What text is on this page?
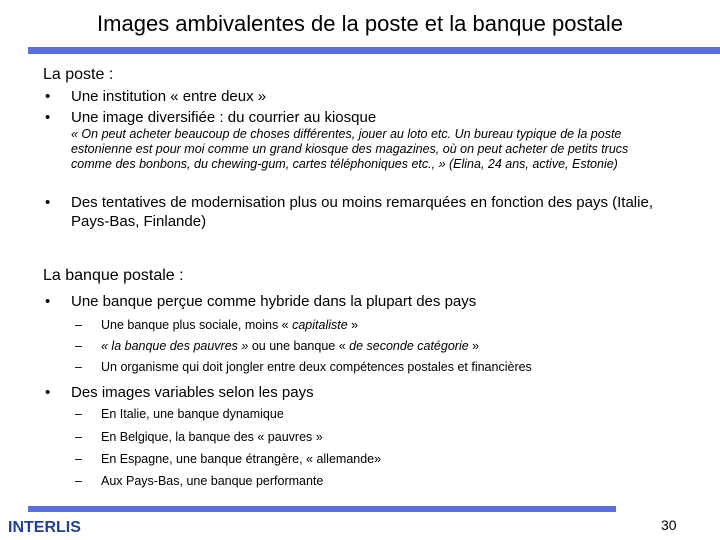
Images ambivalentes de la poste et la banque postale
La poste :
• Une institution « entre deux »
• Une image diversifiée : du courrier au kiosque
« On peut acheter beaucoup de choses différentes, jouer au loto etc. Un bureau typique de la poste estonienne est pour moi comme un grand kiosque des magazines, où on peut acheter de petits trucs comme des bonbons, du chewing-gum, cartes téléphoniques etc., » (Elina, 24 ans, active, Estonie)
• Des tentatives de modernisation plus ou moins remarquées en fonction des pays (Italie, Pays-Bas, Finlande)
La banque postale :
• Une banque perçue comme hybride dans la plupart des pays
– Une banque plus sociale, moins « capitaliste »
– « la banque des pauvres » ou une banque « de seconde catégorie »
– Un organisme qui doit jongler entre deux compétences postales et financières
• Des images variables selon les pays
– En Italie, une banque dynamique
– En Belgique, la banque des « pauvres »
– En Espagne, une banque étrangère, « allemande»
– Aux Pays-Bas, une banque performante
INTERLIS	30
